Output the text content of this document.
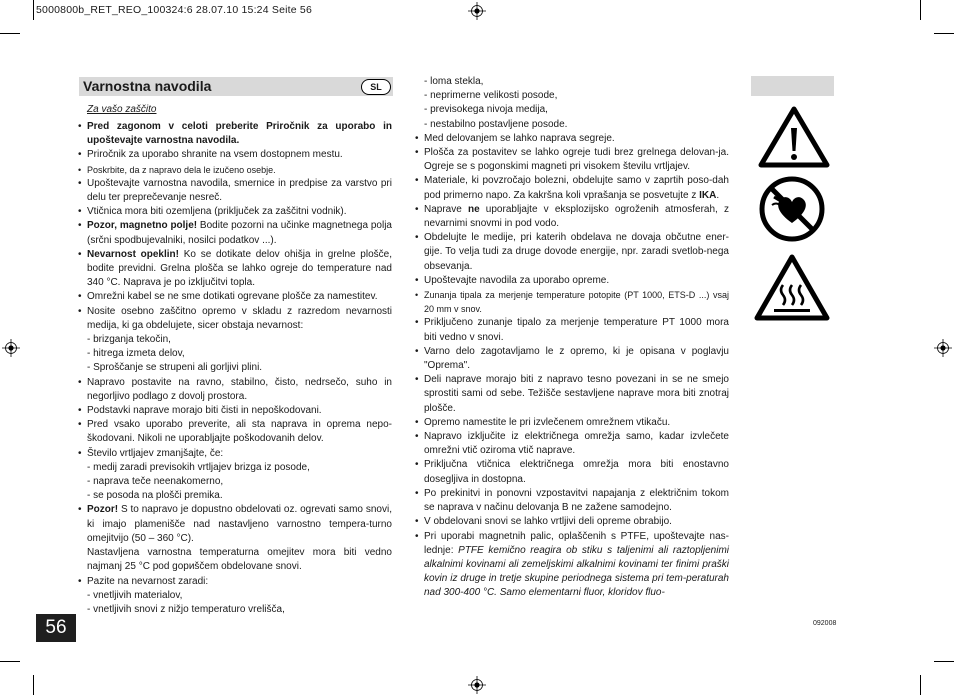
5000800b_RET_REO_100324:6 28.07.10 15:24 Seite 56
Varnostna navodila	SL
Za vašo zaščito
• Pred zagonom v celoti preberite Priročnik za uporabo in upoštevajte varnostna navodila.
• Priročnik za uporabo shranite na vsem dostopnem mestu.
• Poskrbite, da z napravo dela le izučeno osebje.
• Upoštevajte varnostna navodila, smernice in predpise za varstvo pri delu ter preprečevanje nesreč.
• Vtičnica mora biti ozemljena (priključek za zaščitni vodnik).
• Pozor, magnetno polje! Bodite pozorni na učinke magnetnega polja (srčni spodbujevalniki, nosilci podatkov ...).
• Nevarnost opeklin! Ko se dotikate delov ohišja in grelne plošče, bodite previdni. Grelna plošča se lahko ogreje do temperature nad 340 °C. Naprava je po izključitvi topla.
• Omrežni kabel se ne sme dotikati ogrevane plošče za namestitev.
• Nosite osebno zaščitno opremo v skladu z razredom nevarnosti medija, ki ga obdelujete, sicer obstaja nevarnost:
- brizganja tekočin,
- hitrega izmeta delov,
- Sproščanje se strupeni ali gorljivi plini.
• Napravo postavite na ravno, stabilno, čisto, nedrsečo, suho in negorljivo podlago z dovolj prostora.
• Podstavki naprave morajo biti čisti in nepoškodovani.
• Pred vsako uporabo preverite, ali sta naprava in oprema nepo-škodovani. Nikoli ne uporabljajte poškodovanih delov.
• Število vrtljajev zmanjšajte, če:
- medij zaradi previsokih vrtljajev brizga iz posode,
- naprava teče neenakomerno,
- se posoda na plošči premika.
• Pozor! S to napravo je dopustno obdelovati oz. ogrevati samo snovi, ki imajo plamenišče nad nastavljeno varnostno tempera-turno omejitvijo (50 – 360 °C).
Nastavljena varnostna temperaturna omejitev mora biti vedno najmanj 25 °C pod gориščem obdelovane snovi.
• Pazite na nevarnost zaradi:
- vnetljivih materialov,
- vnetljivih snovi z nižjo temperaturo vrelišča,
- loma stekla,
- neprimerne velikosti posode,
- previsokega nivoja medija,
- nestabilno postavljene posode.
• Med delovanjem se lahko naprava segreje.
• Plošča za postavitev se lahko ogreje tudi brez grelnega delovan-ja. Ogreje se s pogonskimi magneti pri visokem številu vrtljajev.
• Materiale, ki povzročajo bolezni, obdelujte samo v zaprtih poso-dah pod primerno napo. Za kakršna koli vprašanja se posvetujte z IKA.
• Napravе ne uporabljajte v eksplozijsko ogroženih atmosferah, z nevarnimi snovmi in pod vodo.
• Obdelujte le medije, pri katerih obdelava ne dovaja občutne ener-gije. To velja tudi za druge dovode energije, npr. zaradi svetlob-nega obsevanja.
• Upoštevajte navodila za uporabo opreme.
• Zunanja tipala za merjenje temperature potopite (PT 1000, ETS-D ...) vsaj 20 mm v snov.
• Priključeno zunanje tipalo za merjenje temperature PT 1000 mora biti vedno v snovi.
• Varno delo zagotavljamo le z opremo, ki je opisana v poglavju "Oprema".
• Deli naprave morajo biti z napravo tesno povezani in se ne smejo sprostiti sami od sebe. Težišče sestavljene naprave mora biti znotraj plošče.
• Opremo namestite le pri izvlečenem omrežnem vtikaču.
• Napravo izključite iz električnega omrežja samo, kadar izvlečete omrežni vtič oziroma vtič naprave.
• Priključna vtičnica električnega omrežja mora biti enostavno dosegljiva in dostopna.
• Po prekinitvi in ponovni vzpostavitvi napajanja z električnim tokom se naprava v načinu delovanja B ne zažene samodejno.
• V obdelovani snovi se lahko vrtljivi deli opreme obrabijo.
• Pri uporabi magnetnih palic, oplaščenih s PTFE, upoštevajte nas-lednje: PTFE kemično reagira ob stiku s taljenimi ali raztopljenimi alkalnimi kovinami ali zemeljskimi alkalnimi kovinami ter finimi praški kovin iz druge in tretje skupine periodnega sistema pri tem-peraturah nad 300-400 °C. Samo elementarni fluor, kloridov fluo-
56	092008
